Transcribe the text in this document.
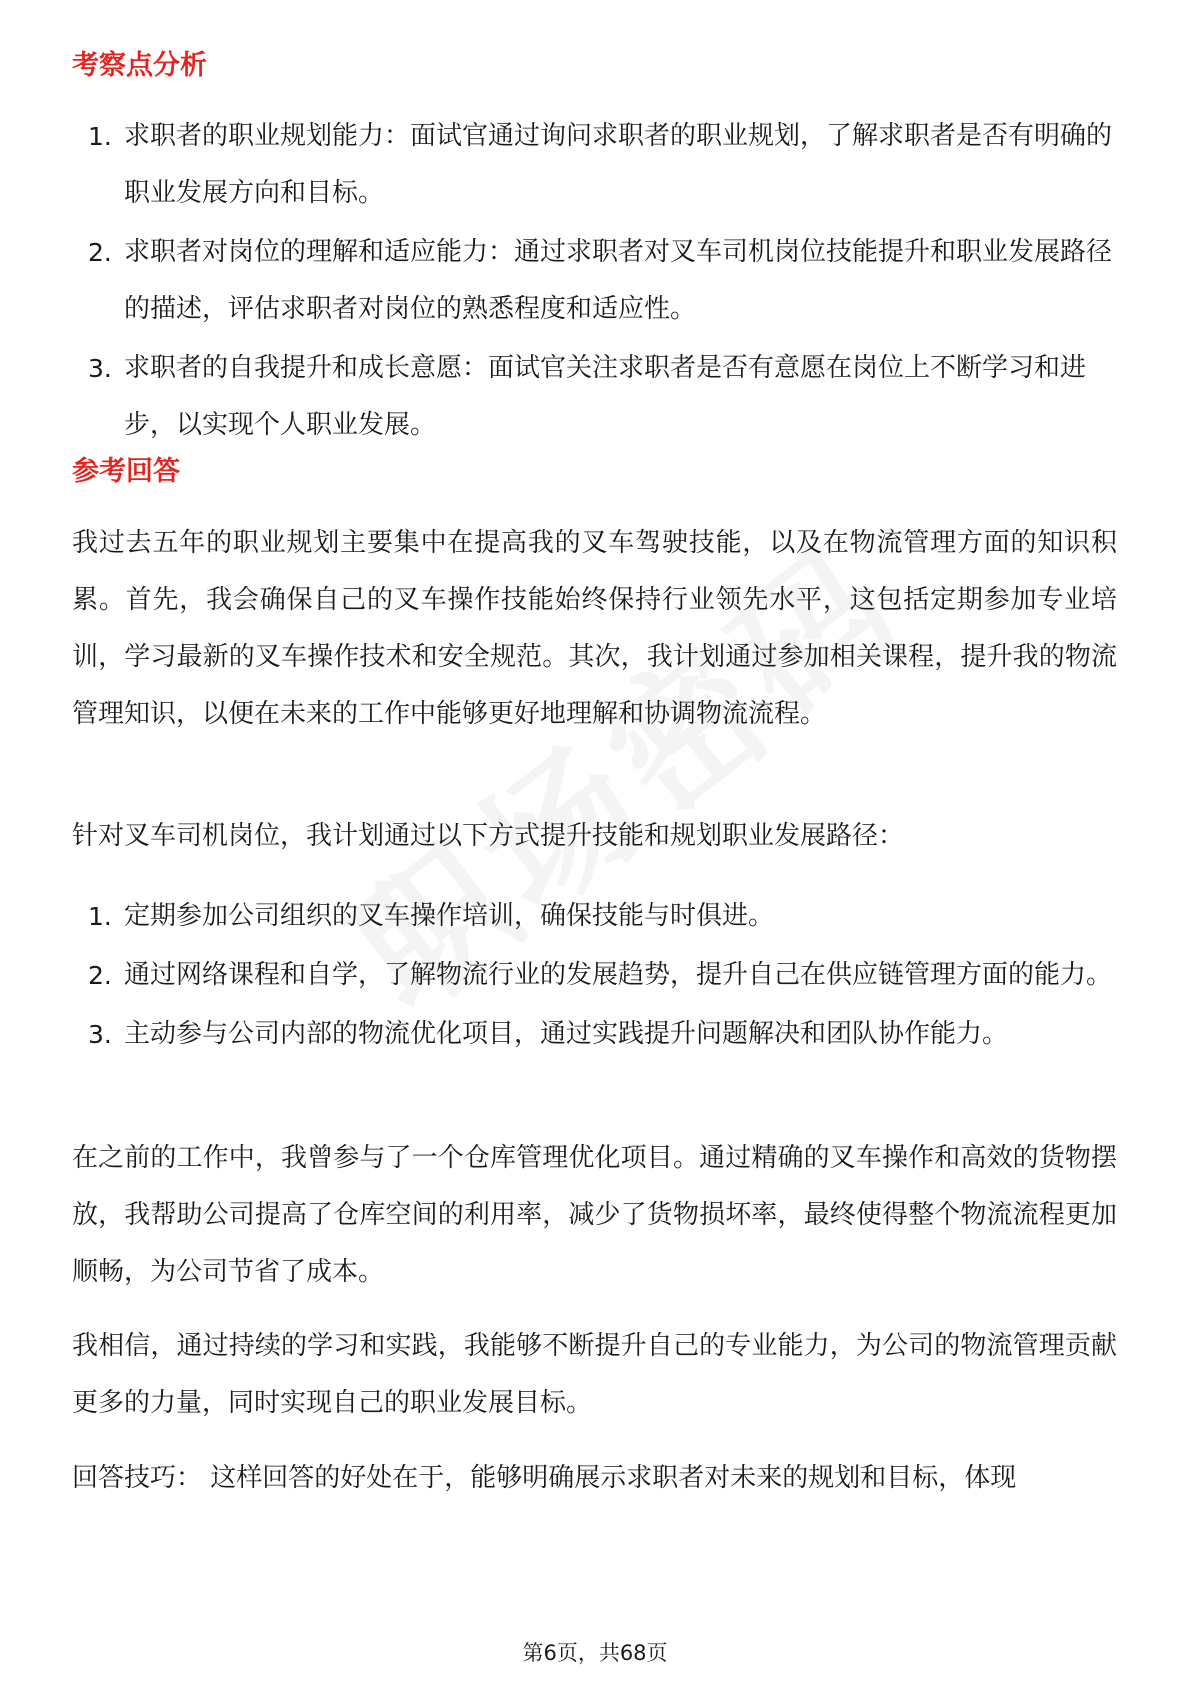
考察点分析
1. 求职者的职业规划能力：面试官通过询问求职者的职业规划，了解求职者是否有明确的职业发展方向和目标。
2. 求职者对岗位的理解和适应能力：通过求职者对叉车司机岗位技能提升和职业发展路径的描述，评估求职者对岗位的熟悉程度和适应性。
3. 求职者的自我提升和成长意愿：面试官关注求职者是否有意愿在岗位上不断学习和进步，以实现个人职业发展。
参考回答

我过去五年的职业规划主要集中在提高我的叉车驾驶技能，以及在物流管理方面的知识积累。首先，我会确保自己的叉车操作技能始终保持行业领先水平，这包括定期参加专业培训，学习最新的叉车操作技术和安全规范。其次，我计划通过参加相关课程，提升我的物流管理知识，以便在未来的工作中能够更好地理解和协调物流流程。

针对叉车司机岗位，我计划通过以下方式提升技能和规划职业发展路径：

1. 定期参加公司组织的叉车操作培训，确保技能与时俱进。
2. 通过网络课程和自学，了解物流行业的发展趋势，提升自己在供应链管理方面的能力。
3. 主动参与公司内部的物流优化项目，通过实践提升问题解决和团队协作能力。

在之前的工作中，我曾参与了一个仓库管理优化项目。通过精确的叉车操作和高效的货物摆放，我帮助公司提高了仓库空间的利用率，减少了货物损坏率，最终使得整个物流流程更加顺畅，为公司节省了成本。

我相信，通过持续的学习和实践，我能够不断提升自己的专业能力，为公司的物流管理贡献更多的力量，同时实现自己的职业发展目标。

回答技巧： 这样回答的好处在于，能够明确展示求职者对未来的规划和目标，体现

第6页，共68页
